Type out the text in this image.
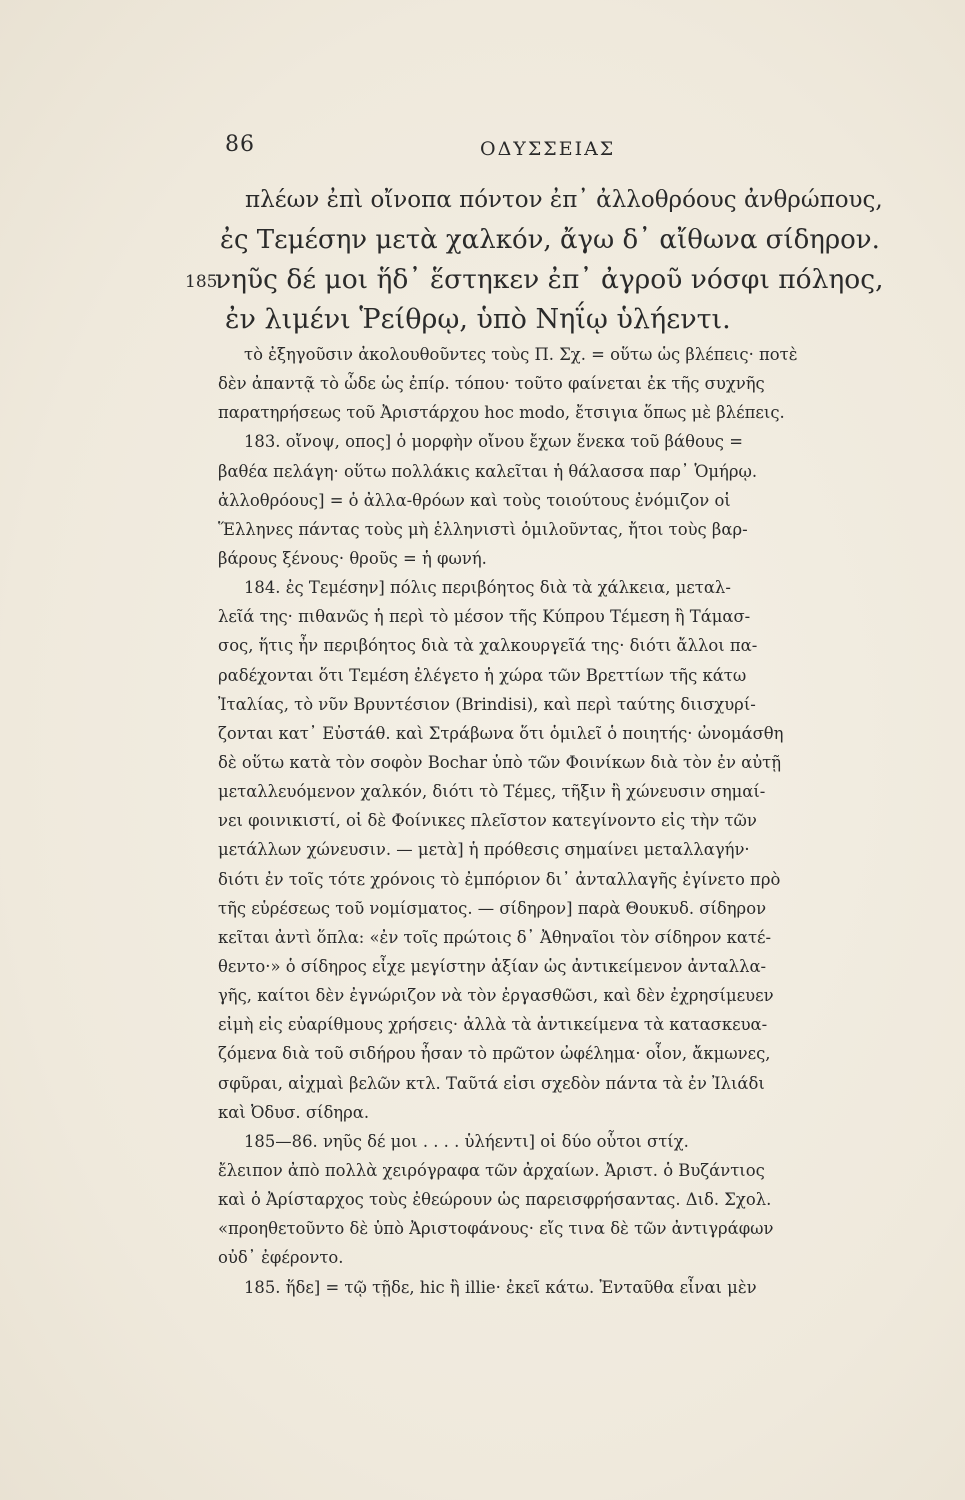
86	ΟΔΥΣΣΕΙΑΣ
πλέων ἐπὶ οἴνοπα πόντον ἐπ᾽ ἀλλοθρόους ἀνθρώπους,
ἐς Τεμέσην μετὰ χαλκόν, ἄγω δ᾽ αἴθωνα σίδηρον.
185
νηῦς δέ μοι ἥδ᾽ ἕστηκεν ἐπ᾽ ἀγροῦ νόσφι πόληος,
ἐν λιμένι Ῥείθρῳ, ὑπὸ Νηΐῳ ὑλήεντι.
τὸ ἐξηγοῦσιν ἀκολουθοῦντες τοὺς Π. Σχ. = οὕτω ὡς βλέπεις· ποτὲ
δὲν ἀπαντᾷ τὸ ὧδε ὡς ἐπίρ. τόπου· τοῦτο φαίνεται ἐκ τῆς συχνῆς
παρατηρήσεως τοῦ Ἀριστάρχου hoc modo, ἔτσιγια ὅπως μὲ βλέπεις.
183. οἴνοψ, οπος] ὁ μορφὴν οἴνου ἔχων ἕνεκα τοῦ βάθους =
βαθέα πελάγη· οὕτω πολλάκις καλεῖται ἡ θάλασσα παρ᾽ Ὁμήρῳ.
ἀλλοθρόους] = ὁ ἀλλα-θρόων καὶ τοὺς τοιούτους ἐνόμιζον οἱ
Ἕλληνες πάντας τοὺς μὴ ἑλληνιστὶ ὁμιλοῦντας, ἤτοι τοὺς βαρ-
βάρους ξένους· θροῦς = ἡ φωνή.
184. ἐς Τεμέσην] πόλις περιβόητος διὰ τὰ χάλκεια, μεταλ-
λεῖά της· πιθανῶς ἡ περὶ τὸ μέσον τῆς Κύπρου Τέμεση ἢ Τάμασ-
σος, ἥτις ἦν περιβόητος διὰ τὰ χαλκουργεῖά της· διότι ἄλλοι πα-
ραδέχονται ὅτι Τεμέση ἐλέγετο ἡ χώρα τῶν Βρεττίων τῆς κάτω
Ἰταλίας, τὸ νῦν Βρυντέσιον (Brindisi), καὶ περὶ ταύτης διισχυρί-
ζονται κατ᾽ Εὐστάθ. καὶ Στράβωνα ὅτι ὁμιλεῖ ὁ ποιητής· ὠνομάσθη
δὲ οὕτω κατὰ τὸν σοφὸν Bochar ὑπὸ τῶν Φοινίκων διὰ τὸν ἐν αὐτῇ
μεταλλευόμενον χαλκόν, διότι τὸ Τέμες, τῆξιν ἢ χώνευσιν σημαί-
νει φοινικιστί, οἱ δὲ Φοίνικες πλεῖστον κατεγίνοντο εἰς τὴν τῶν
μετάλλων χώνευσιν. — μετὰ] ἡ πρόθεσις σημαίνει μεταλλαγήν·
διότι ἐν τοῖς τότε χρόνοις τὸ ἐμπόριον δι᾽ ἀνταλλαγῆς ἐγίνετο πρὸ
τῆς εὑρέσεως τοῦ νομίσματος. — σίδηρον] παρὰ Θουκυδ. σίδηρον
κεῖται ἀντὶ ὅπλα: «ἐν τοῖς πρώτοις δ᾽ Ἀθηναῖοι τὸν σίδηρον κατέ-
θεντο·» ὁ σίδηρος εἶχε μεγίστην ἀξίαν ὡς ἀντικείμενον ἀνταλλα-
γῆς, καίτοι δὲν ἐγνώριζον νὰ τὸν ἐργασθῶσι, καὶ δὲν ἐχρησίμευεν
εἰμὴ εἰς εὐαρίθμους χρήσεις· ἀλλὰ τὰ ἀντικείμενα τὰ κατασκευα-
ζόμενα διὰ τοῦ σιδήρου ἦσαν τὸ πρῶτον ὠφέλημα· οἷον, ἄκμωνες,
σφῦραι, αἰχμαὶ βελῶν κτλ. Ταῦτά εἰσι σχεδὸν πάντα τὰ ἐν Ἰλιάδι
καὶ Ὀδυσ. σίδηρα.
185—86. νηῦς δέ μοι . . . . ὑλήεντι] οἱ δύο οὗτοι στίχ.
ἔλειπον ἀπὸ πολλὰ χειρόγραφα τῶν ἀρχαίων. Ἀριστ. ὁ Βυζάντιος
καὶ ὁ Ἀρίσταρχος τοὺς ἐθεώρουν ὡς παρεισφρήσαντας. Διδ. Σχολ.
«προηθετοῦντο δὲ ὑπὸ Ἀριστοφάνους· εἴς τινα δὲ τῶν ἀντιγράφων
οὐδ᾽ ἐφέροντο.
185. ἥδε] = τῷ τῇδε, hic ἢ illie· ἐκεῖ κάτω. Ἐνταῦθα εἶναι μὲν
